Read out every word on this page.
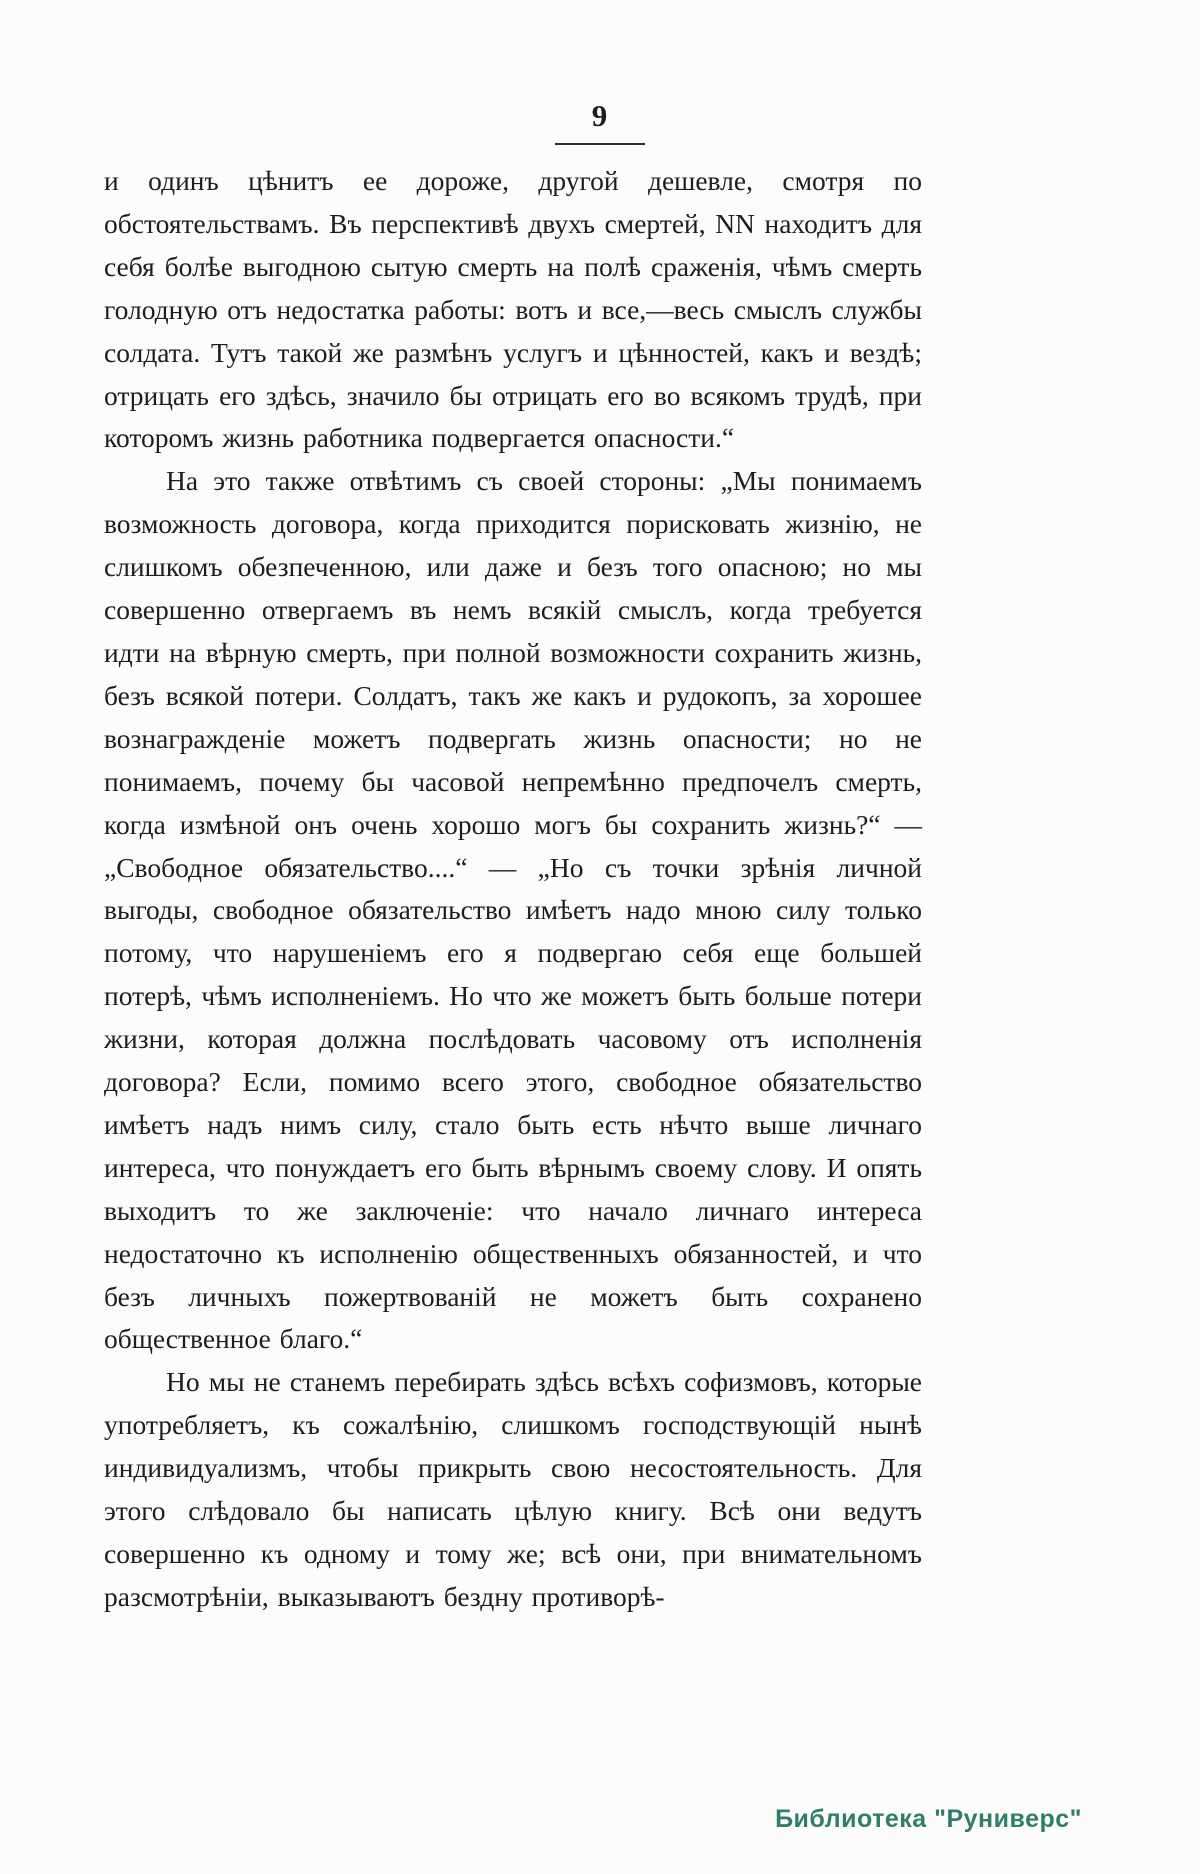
9

и одинъ цѣнитъ ее дороже, другой дешевле, смотря по обстоятельствамъ. Въ перспективѣ двухъ смертей, NN находитъ для себя болѣе выгодною сытую смерть на полѣ сраженія, чѣмъ смерть голодную отъ недостатка работы: вотъ и все,—весь смыслъ службы солдата. Тутъ такой же размѣнъ услугъ и цѣнностей, какъ и вездѣ; отрицать его здѣсь, значило бы отрицать его во всякомъ трудѣ, при которомъ жизнь работника подвергается опасности.“

На это также отвѣтимъ съ своей стороны: „Мы понимаемъ возможность договора, когда приходится порисковать жизнію, не слишкомъ обезпеченною, или даже и безъ того опасною; но мы совершенно отвергаемъ въ немъ всякій смыслъ, когда требуется идти на вѣрную смерть, при полной возможности сохранить жизнь, безъ всякой потери. Солдатъ, такъ же какъ и рудокопъ, за хорошее вознагражденіе можетъ подвергать жизнь опасности; но не понимаемъ, почему бы часовой непремѣнно предпочелъ смерть, когда измѣной онъ очень хорошо могъ бы сохранить жизнь?“ — „Свободное обязательство....“ — „Но съ точки зрѣнія личной выгоды, свободное обязательство имѣетъ надо мною силу только потому, что нарушеніемъ его я подвергаю себя еще большей потерѣ, чѣмъ исполненіемъ. Но что же можетъ быть больше потери жизни, которая должна послѣдовать часовому отъ исполненія договора? Если, помимо всего этого, свободное обязательство имѣетъ надъ нимъ силу, стало быть есть нѣчто выше личнаго интереса, что понуждаетъ его быть вѣрнымъ своему слову. И опять выходитъ то же заключеніе: что начало личнаго интереса недостаточно къ исполненію общественныхъ обязанностей, и что безъ личныхъ пожертвованій не можетъ быть сохранено общественное благо.“

Но мы не станемъ перебирать здѣсь всѣхъ софизмовъ, которые употребляетъ, къ сожалѣнію, слишкомъ господствующій нынѣ индивидуализмъ, чтобы прикрыть свою несостоятельность. Для этого слѣдовало бы написать цѣлую книгу. Всѣ они ведутъ совершенно къ одному и тому же; всѣ они, при внимательномъ разсмотрѣніи, выказываютъ бездну противорѣ-

Библиотека "Руниверс"
